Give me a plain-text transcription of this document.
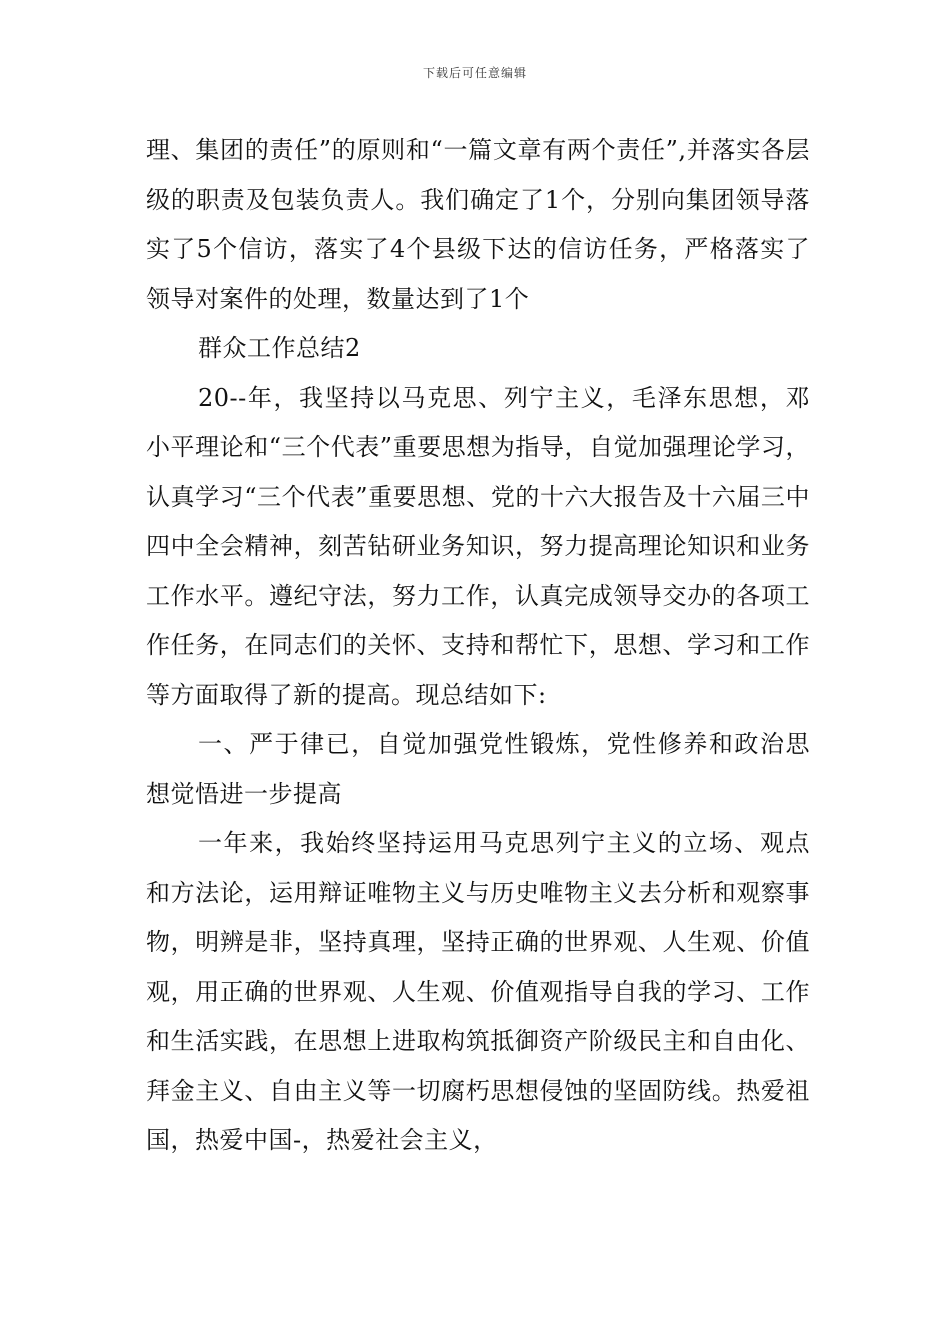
下载后可任意编辑

理、集团的责任”的原则和“一篇文章有两个责任”,并落实各层级的职责及包装负责人。我们确定了1个，分别向集团领导落实了5个信访，落实了4个县级下达的信访任务，严格落实了领导对案件的处理，数量达到了1个

群众工作总结2

20--年，我坚持以马克思、列宁主义，毛泽东思想，邓小平理论和“三个代表”重要思想为指导，自觉加强理论学习，认真学习“三个代表”重要思想、党的十六大报告及十六届三中四中全会精神，刻苦钻研业务知识，努力提高理论知识和业务工作水平。遵纪守法，努力工作，认真完成领导交办的各项工作任务，在同志们的关怀、支持和帮忙下，思想、学习和工作等方面取得了新的提高。现总结如下:

一、严于律已，自觉加强党性锻炼，党性修养和政治思想觉悟进一步提高

一年来，我始终坚持运用马克思列宁主义的立场、观点和方法论，运用辩证唯物主义与历史唯物主义去分析和观察事物，明辨是非，坚持真理，坚持正确的世界观、人生观、价值观，用正确的世界观、人生观、价值观指导自我的学习、工作和生活实践，在思想上进取构筑抵御资产阶级民主和自由化、拜金主义、自由主义等一切腐朽思想侵蚀的坚固防线。热爱祖国，热爱中国-，热爱社会主义，
